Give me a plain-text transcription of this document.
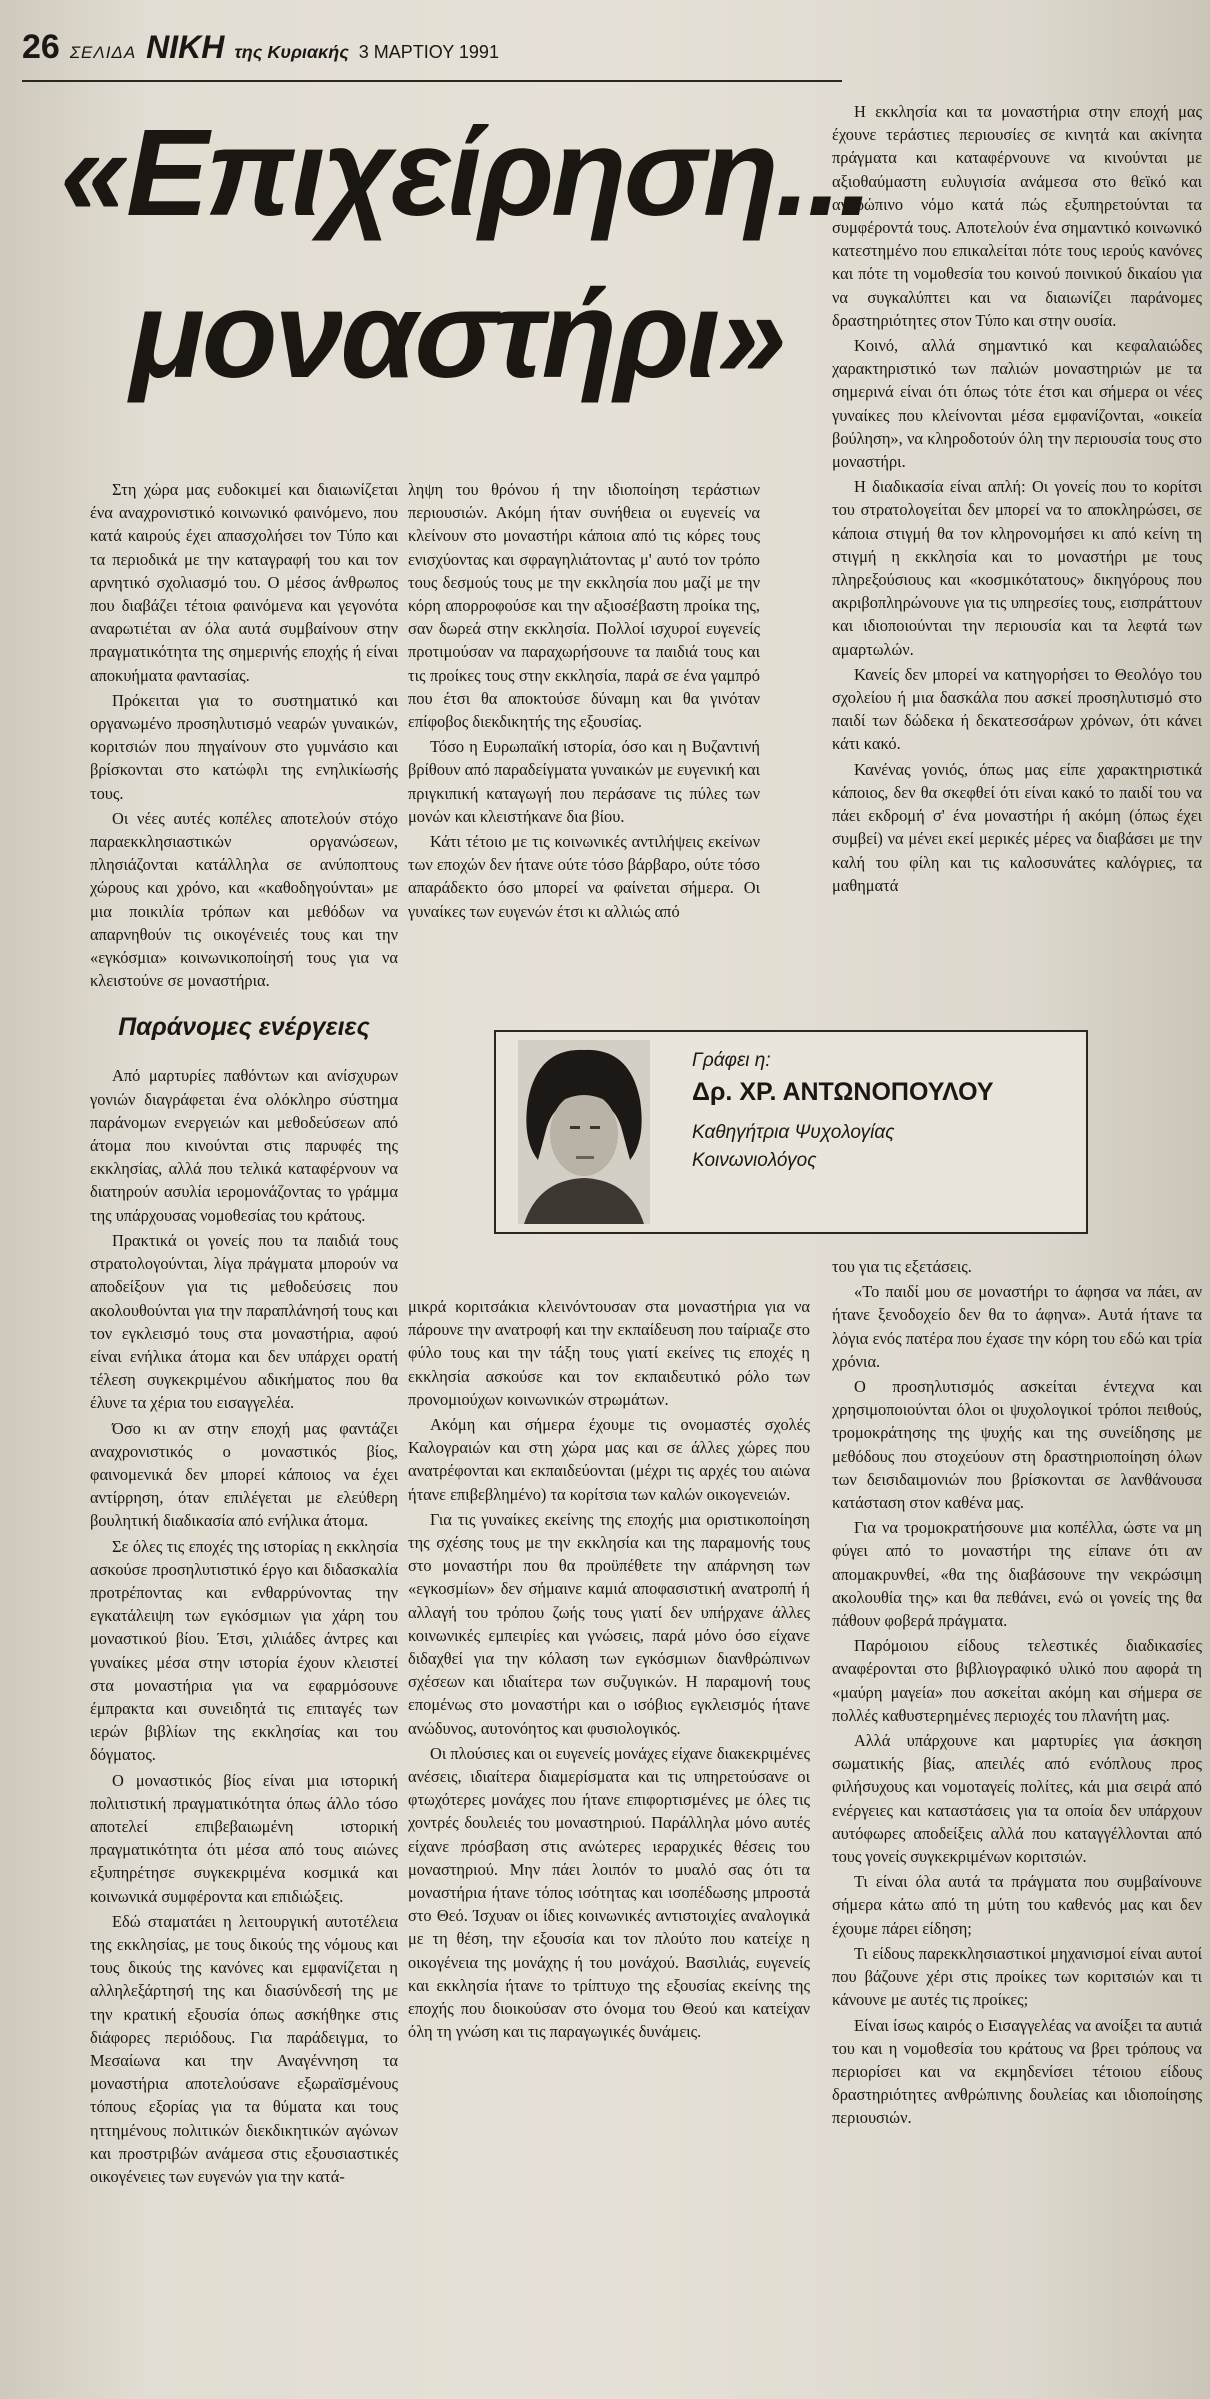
26 ΣΕΛΙΔΑ ΝΙΚΗ της Κυριακής 3 ΜΑΡΤΙΟΥ 1991
«Επιχείρηση...
μοναστήρι»

Στη χώρα μας ευδοκιμεί και διαιωνίζεται ένα αναχρονιστικό κοινωνικό φαινόμενο, που κατά καιρούς έχει απασχολήσει τον Τύπο και τα περιοδικά με την καταγραφή του και τον αρνητικό σχολιασμό του. Ο μέσος άνθρωπος που διαβάζει τέτοια φαινόμενα και γεγονότα αναρωτιέται αν όλα αυτά συμβαίνουν στην πραγματικότητα της σημερινής εποχής ή είναι αποκυήματα φαντασίας.

Πρόκειται για το συστηματικό και οργανωμένο προσηλυτισμό νεαρών γυναικών, κοριτσιών που πηγαίνουν στο γυμνάσιο και βρίσκονται στο κατώφλι της ενηλικίωσής τους.

Οι νέες αυτές κοπέλες αποτελούν στόχο παραεκκλησιαστικών οργανώσεων, πλησιάζονται κατάλληλα σε ανύποπτους χώρους και χρόνο, και «καθοδηγούνται» με μια ποικιλία τρόπων και μεθόδων να απαρνηθούν τις οικογένειές τους και την «εγκόσμια» κοινωνικοποίησή τους για να κλειστούνε σε μοναστήρια.

Παράνομες ενέργειες

Από μαρτυρίες παθόντων και ανίσχυρων γονιών διαγράφεται ένα ολόκληρο σύστημα παράνομων ενεργειών και μεθοδεύσεων από άτομα που κινούνται στις παρυφές της εκκλησίας, αλλά που τελικά καταφέρνουν να διατηρούν ασυλία ιερομονάζοντας το γράμμα της υπάρχουσας νομοθεσίας του κράτους.

Πρακτικά οι γονείς που τα παιδιά τους στρατολογούνται, λίγα πράγματα μπορούν να αποδείξουν για τις μεθοδεύσεις που ακολουθούνται για την παραπλάνησή τους και τον εγκλεισμό τους στα μοναστήρια, αφού είναι ενήλικα άτομα και δεν υπάρχει ορατή τέλεση συγκεκριμένου αδικήματος που θα έλυνε τα χέρια του εισαγγελέα.

Όσο κι αν στην εποχή μας φαντάζει αναχρονιστικός ο μοναστικός βίος, φαινομενικά δεν μπορεί κάποιος να έχει αντίρρηση, όταν επιλέγεται με ελεύθερη βουλητική διαδικασία από ενήλικα άτομα.

Σε όλες τις εποχές της ιστορίας η εκκλησία ασκούσε προσηλυτιστικό έργο και διδασκαλία προτρέποντας και ενθαρρύνοντας την εγκατάλειψη των εγκόσμιων για χάρη του μοναστικού βίου. Έτσι, χιλιάδες άντρες και γυναίκες μέσα στην ιστορία έχουν κλειστεί στα μοναστήρια για να εφαρμόσουνε έμπρακτα και συνειδητά τις επιταγές των ιερών βιβλίων της εκκλησίας και του δόγματος.

Ο μοναστικός βίος είναι μια ιστορική πολιτιστική πραγματικότητα όπως άλλο τόσο αποτελεί επιβεβαιωμένη ιστορική πραγματικότητα ότι μέσα από τους αιώνες εξυπηρέτησε συγκεκριμένα κοσμικά και κοινωνικά συμφέροντα και επιδιώξεις.

Εδώ σταματάει η λειτουργική αυτοτέλεια της εκκλησίας, με τους δικούς της νόμους και τους δικούς της κανόνες και εμφανίζεται η αλληλεξάρτησή της και διασύνδεσή της με την κρατική εξουσία όπως ασκήθηκε στις διάφορες περιόδους. Για παράδειγμα, το Μεσαίωνα και την Αναγέννηση τα μοναστήρια αποτελούσανε εξωραϊσμένους τόπους εξορίας για τα θύματα και τους ηττημένους πολιτικών διεκδικητικών αγώνων και προστριβών ανάμεσα στις εξουσιαστικές οικογένειες των ευγενών για την κατά-

ληψη του θρόνου ή την ιδιοποίηση τεράστιων περιουσιών. Ακόμη ήταν συνήθεια οι ευγενείς να κλείνουν στο μοναστήρι κάποια από τις κόρες τους ενισχύοντας και σφραγηλιάτοντας μ' αυτό τον τρόπο τους δεσμούς τους με την εκκλησία που μαζί με την κόρη απορροφούσε και την αξιοσέβαστη προίκα της, σαν δωρεά στην εκκλησία. Πολλοί ισχυροί ευγενείς προτιμούσαν να παραχωρήσουνε τα παιδιά τους και τις προίκες τους στην εκκλησία, παρά σε ένα γαμπρό που έτσι θα αποκτούσε δύναμη και θα γινόταν επίφοβος διεκδικητής της εξουσίας.

Τόσο η Ευρωπαϊκή ιστορία, όσο και η Βυζαντινή βρίθουν από παραδείγματα γυναικών με ευγενική και πριγκιπική καταγωγή που περάσανε τις πύλες των μονών και κλειστήκανε δια βίου.

Κάτι τέτοιο με τις κοινωνικές αντιλήψεις εκείνων των εποχών δεν ήτανε ούτε τόσο βάρβαρο, ούτε τόσο απαράδεκτο όσο μπορεί να φαίνεται σήμερα. Οι γυναίκες των ευγενών έτσι κι αλλιώς από

Γράφει η:
Δρ. ΧΡ. ΑΝΤΩΝΟΠΟΥΛΟΥ
Καθηγήτρια Ψυχολογίας
Κοινωνιολόγος

Η εκκλησία και τα μοναστήρια στην εποχή μας έχουνε τεράστιες περιουσίες σε κινητά και ακίνητα πράγματα και καταφέρνουνε να κινούνται με αξιοθαύμαστη ευλυγισία ανάμεσα στο θεϊκό και ανθρώπινο νόμο κατά πώς εξυπηρετούνται τα συμφέροντά τους. Αποτελούν ένα σημαντικό κοινωνικό κατεστημένο που επικαλείται πότε τους ιερούς κανόνες και πότε τη νομοθεσία του κοινού ποινικού δικαίου για να συγκαλύπτει και να διαιωνίζει παράνομες δραστηριότητες στον Τύπο και στην ουσία.

Κοινό, αλλά σημαντικό και κεφαλαιώδες χαρακτηριστικό των παλιών μοναστηριών με τα σημερινά είναι ότι όπως τότε έτσι και σήμερα οι νέες γυναίκες που κλείνονται μέσα εμφανίζονται, «οικεία βούληση», να κληροδοτούν όλη την περιουσία τους στο μοναστήρι.

Η διαδικασία είναι απλή: Οι γονείς που το κορίτσι του στρατολογείται δεν μπορεί να το αποκληρώσει, σε κάποια στιγμή θα τον κληρονομήσει κι από κείνη τη στιγμή η εκκλησία και το μοναστήρι με τους πληρεξούσιους και «κοσμικότατους» δικηγόρους που ακριβοπληρώνουνε για τις υπηρεσίες τους, εισπράττουν και ιδιοποιούνται την περιουσία και τα λεφτά των αμαρτωλών.

Κανείς δεν μπορεί να κατηγορήσει το Θεολόγο του σχολείου ή μια δασκάλα που ασκεί προσηλυτισμό στο παιδί των δώδεκα ή δεκατεσσάρων χρόνων, ότι κάνει κάτι κακό.

Κανένας γονιός, όπως μας είπε χαρακτηριστικά κάποιος, δεν θα σκεφθεί ότι είναι κακό το παιδί του να πάει εκδρομή σ' ένα μοναστήρι ή ακόμη (όπως έχει συμβεί) να μένει εκεί μερικές μέρες να διαβάσει με την καλή του φίλη και τις καλοσυνάτες καλόγριες, τα μαθηματά

μικρά κοριτσάκια κλεινόντουσαν στα μοναστήρια για να πάρουνε την ανατροφή και την εκπαίδευση που ταίριαζε στο φύλο τους και την τάξη τους γιατί εκείνες τις εποχές η εκκλησία ασκούσε και τον εκπαιδευτικό ρόλο των προνομιούχων κοινωνικών στρωμάτων.

Ακόμη και σήμερα έχουμε τις ονομαστές σχολές Καλογραιών και στη χώρα μας και σε άλλες χώρες που ανατρέφονται και εκπαιδεύονται (μέχρι τις αρχές του αιώνα ήτανε επιβεβλημένο) τα κορίτσια των καλών οικογενειών.

Για τις γυναίκες εκείνης της εποχής μια οριστικοποίηση της σχέσης τους με την εκκλησία και της παραμονής τους στο μοναστήρι που θα προϋπέθετε την απάρνηση των «εγκοσμίων» δεν σήμαινε καμιά αποφασιστική ανατροπή ή αλλαγή του τρόπου ζωής τους γιατί δεν υπήρχανε άλλες κοινωνικές εμπειρίες και γνώσεις, παρά μόνο όσο είχανε διδαχθεί για την κόλαση των εγκόσμιων διανθρώπινων σχέσεων και ιδιαίτερα των συζυγικών. Η παραμονή τους επομένως στο μοναστήρι και ο ισόβιος εγκλεισμός ήτανε ανώδυνος, αυτονόητος και φυσιολογικός.

Οι πλούσιες και οι ευγενείς μονάχες είχανε διακεκριμένες ανέσεις, ιδιαίτερα διαμερίσματα και τις υπηρετούσανε οι φτωχότερες μονάχες που ήτανε επιφορτισμένες με όλες τις χοντρές δουλειές του μοναστηριού. Παράλληλα μόνο αυτές είχανε πρόσβαση στις ανώτερες ιεραρχικές θέσεις του μοναστηριού. Μην πάει λοιπόν το μυαλό σας ότι τα μοναστήρια ήτανε τόπος ισότητας και ισοπέδωσης μπροστά στο Θεό. Ίσχυαν οι ίδιες κοινωνικές αντιστοιχίες αναλογικά με τη θέση, την εξουσία και τον πλούτο που κατείχε η οικογένεια της μονάχης ή του μονάχού. Βασιλιάς, ευγενείς και εκκλησία ήτανε το τρίπτυχο της εξουσίας εκείνης της εποχής που διοικούσαν στο όνομα του Θεού και κατείχαν όλη τη γνώση και τις παραγωγικές δυνάμεις.

του για τις εξετάσεις.

«Το παιδί μου σε μοναστήρι το άφησα να πάει, αν ήτανε ξενοδοχείο δεν θα το άφηνα». Αυτά ήτανε τα λόγια ενός πατέρα που έχασε την κόρη του εδώ και τρία χρόνια.

Ο προσηλυτισμός ασκείται έντεχνα και χρησιμοποιούνται όλοι οι ψυχολογικοί τρόποι πειθούς, τρομοκράτησης της ψυχής και της συνείδησης με μεθόδους που στοχεύουν στη δραστηριοποίηση όλων των δεισιδαιμονιών που βρίσκονται σε λανθάνουσα κατάσταση στον καθένα μας.

Για να τρομοκρατήσουνε μια κοπέλλα, ώστε να μη φύγει από το μοναστήρι της είπανε ότι αν απομακρυνθεί, «θα της διαβάσουνε την νεκρώσιμη ακολουθία της» και θα πεθάνει, ενώ οι γονείς της θα πάθουν φοβερά πράγματα.

Παρόμοιου είδους τελεστικές διαδικασίες αναφέρονται στο βιβλιογραφικό υλικό που αφορά τη «μαύρη μαγεία» που ασκείται ακόμη και σήμερα σε πολλές καθυστερημένες περιοχές του πλανήτη μας.

Αλλά υπάρχουνε και μαρτυρίες για άσκηση σωματικής βίας, απειλές από ενόπλους προς φιλήσυχους και νομοταγείς πολίτες, κάι μια σειρά από ενέργειες και καταστάσεις για τα οποία δεν υπάρχουν αυτόφωρες αποδείξεις αλλά που καταγγέλλονται από τους γονείς συγκεκριμένων κοριτσιών.

Τι είναι όλα αυτά τα πράγματα που συμβαίνουνε σήμερα κάτω από τη μύτη του καθενός μας και δεν έχουμε πάρει είδηση;

Τι είδους παρεκκλησιαστικοί μηχανισμοί είναι αυτοί που βάζουνε χέρι στις προίκες των κοριτσιών και τι κάνουνε με αυτές τις προίκες;

Είναι ίσως καιρός ο Εισαγγελέας να ανοίξει τα αυτιά του και η νομοθεσία του κράτους να βρει τρόπους να περιορίσει και να εκμηδενίσει τέτοιου είδους δραστηριότητες ανθρώπινης δουλείας και ιδιοποίησης περιουσιών.
